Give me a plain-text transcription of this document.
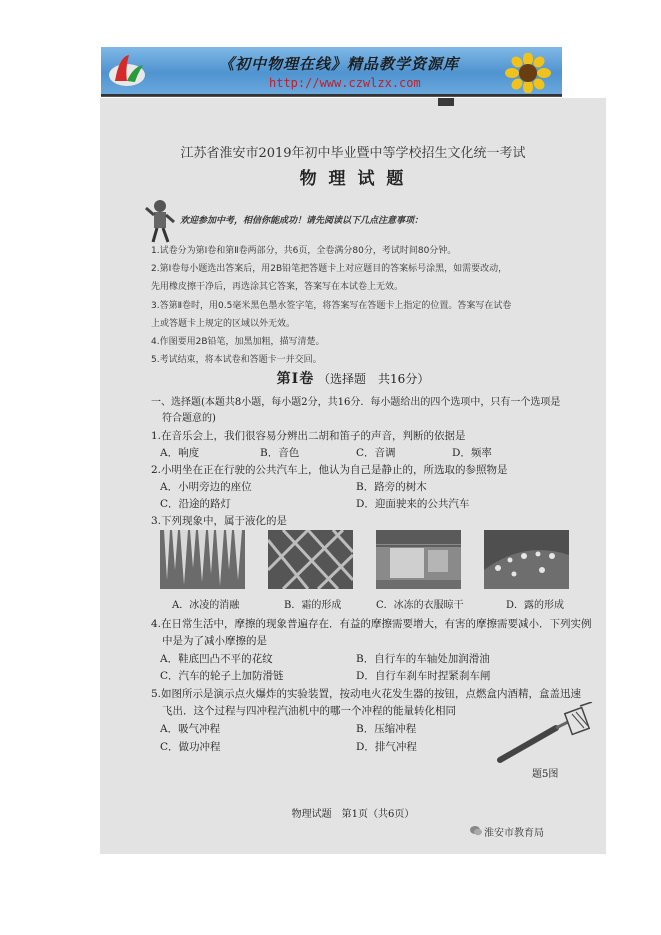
《初中物理在线》精品教学资源库
http://www.czwlzx.com
江苏省淮安市2019年初中毕业暨中等学校招生文化统一考试
物 理 试 题
欢迎参加中考，相信你能成功！请先阅读以下几点注意事项：
1.试卷分为第Ⅰ卷和第Ⅱ卷两部分，共6页，全卷满分80分，考试时间80分钟。
2.第Ⅰ卷每小题选出答案后，用2B铅笔把答题卡上对应题目的答案标号涂黑，如需要改动，
先用橡皮擦干净后，再选涂其它答案，答案写在本试卷上无效。
3.答第Ⅱ卷时，用0.5毫米黑色墨水签字笔，将答案写在答题卡上指定的位置。答案写在试卷
上或答题卡上规定的区域以外无效。
4.作图要用2B铅笔，加黑加粗，描写清楚。
5.考试结束，将本试卷和答题卡一并交回。
第Ⅰ卷 （选择题　共16分）
一、选择题(本题共8小题，每小题2分，共16分．每小题给出的四个选项中，只有一个选项是
符合题意的)
1.在音乐会上，我们很容易分辨出二胡和笛子的声音，判断的依据是
A．响度	B．音色	C．音调	D．频率
2.小明坐在正在行驶的公共汽车上，他认为自己是静止的，所选取的参照物是
A．小明旁边的座位	B．路旁的树木
C．沿途的路灯	D．迎面驶来的公共汽车
3.下列现象中，属于液化的是
A．冰凌的消融	B．霜的形成	C．冰冻的衣服晾干	D．露的形成
4.在日常生活中，摩擦的现象普遍存在．有益的摩擦需要增大，有害的摩擦需要减小．下列实例
中是为了减小摩擦的是
A．鞋底凹凸不平的花纹	B．自行车的车轴处加润滑油
C．汽车的轮子上加防滑链	D．自行车刹车时捏紧刹车闸
5.如图所示是演示点火爆炸的实验装置，按动电火花发生器的按钮，点燃盒内酒精，盒盖迅速
飞出．这个过程与四冲程汽油机中的哪一个冲程的能量转化相同
A．吸气冲程	B．压缩冲程
C．做功冲程	D．排气冲程
题5图
物理试题　第1页（共6页）
淮安市教育局
